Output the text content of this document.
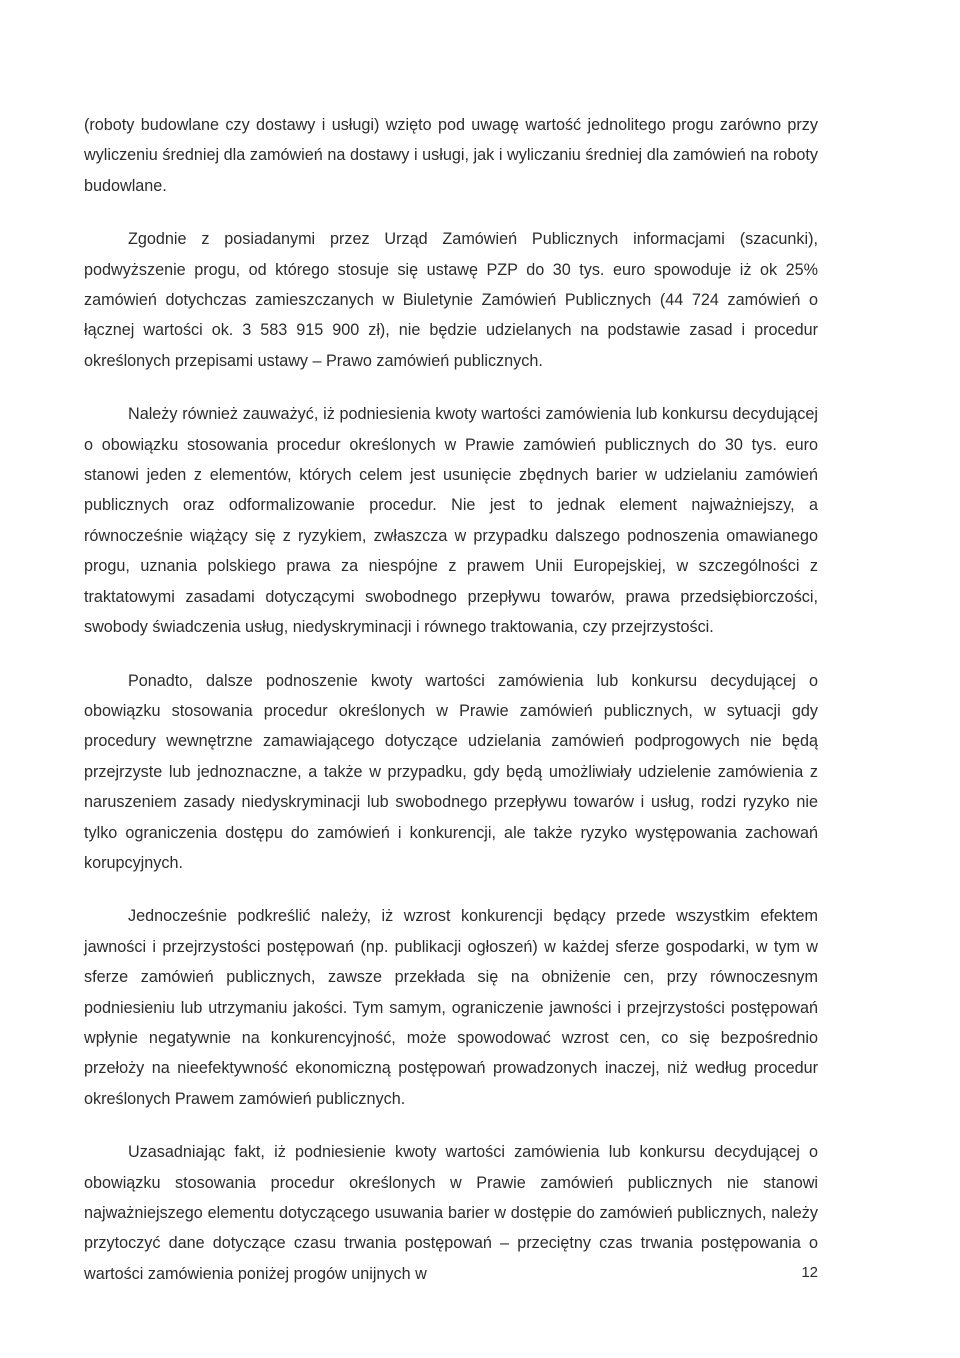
(roboty budowlane czy dostawy i usługi) wzięto pod uwagę wartość jednolitego progu zarówno przy wyliczeniu średniej dla zamówień na dostawy i usługi, jak i wyliczaniu średniej dla zamówień na roboty budowlane.

Zgodnie z posiadanymi przez Urząd Zamówień Publicznych informacjami (szacunki), podwyższenie progu, od którego stosuje się ustawę PZP do 30 tys. euro spowoduje iż ok 25% zamówień dotychczas zamieszczanych w Biuletynie Zamówień Publicznych (44 724 zamówień o łącznej wartości ok. 3 583 915 900 zł), nie będzie udzielanych na podstawie zasad i procedur określonych przepisami ustawy – Prawo zamówień publicznych.

Należy również zauważyć, iż podniesienia kwoty wartości zamówienia lub konkursu decydującej o obowiązku stosowania procedur określonych w Prawie zamówień publicznych do 30 tys. euro stanowi jeden z elementów, których celem jest usunięcie zbędnych barier w udzielaniu zamówień publicznych oraz odformalizowanie procedur. Nie jest to jednak element najważniejszy, a równocześnie wiążący się z ryzykiem, zwłaszcza w przypadku dalszego podnoszenia omawianego progu, uznania polskiego prawa za niespójne z prawem Unii Europejskiej, w szczególności z traktatowymi zasadami dotyczącymi swobodnego przepływu towarów, prawa przedsiębiorczości, swobody świadczenia usług, niedyskryminacji i równego traktowania, czy przejrzystości.

Ponadto, dalsze podnoszenie kwoty wartości zamówienia lub konkursu decydującej o obowiązku stosowania procedur określonych w Prawie zamówień publicznych, w sytuacji gdy procedury wewnętrzne zamawiającego dotyczące udzielania zamówień podprogowych nie będą przejrzyste lub jednoznaczne, a także w przypadku, gdy będą umożliwiały udzielenie zamówienia z naruszeniem zasady niedyskryminacji lub swobodnego przepływu towarów i usług, rodzi ryzyko nie tylko ograniczenia dostępu do zamówień i konkurencji, ale także ryzyko występowania zachowań korupcyjnych.

Jednocześnie podkreślić należy, iż wzrost konkurencji będący przede wszystkim efektem jawności i przejrzystości postępowań (np. publikacji ogłoszeń) w każdej sferze gospodarki, w tym w sferze zamówień publicznych, zawsze przekłada się na obniżenie cen, przy równoczesnym podniesieniu lub utrzymaniu jakości. Tym samym, ograniczenie jawności i przejrzystości postępowań wpłynie negatywnie na konkurencyjność, może spowodować wzrost cen, co się bezpośrednio przełoży na nieefektywność ekonomiczną postępowań prowadzonych inaczej, niż według procedur określonych Prawem zamówień publicznych.

Uzasadniając fakt, iż podniesienie kwoty wartości zamówienia lub konkursu decydującej o obowiązku stosowania procedur określonych w Prawie zamówień publicznych nie stanowi najważniejszego elementu dotyczącego usuwania barier w dostępie do zamówień publicznych, należy przytoczyć dane dotyczące czasu trwania postępowań – przeciętny czas trwania postępowania o wartości zamówienia poniżej progów unijnych w	12
